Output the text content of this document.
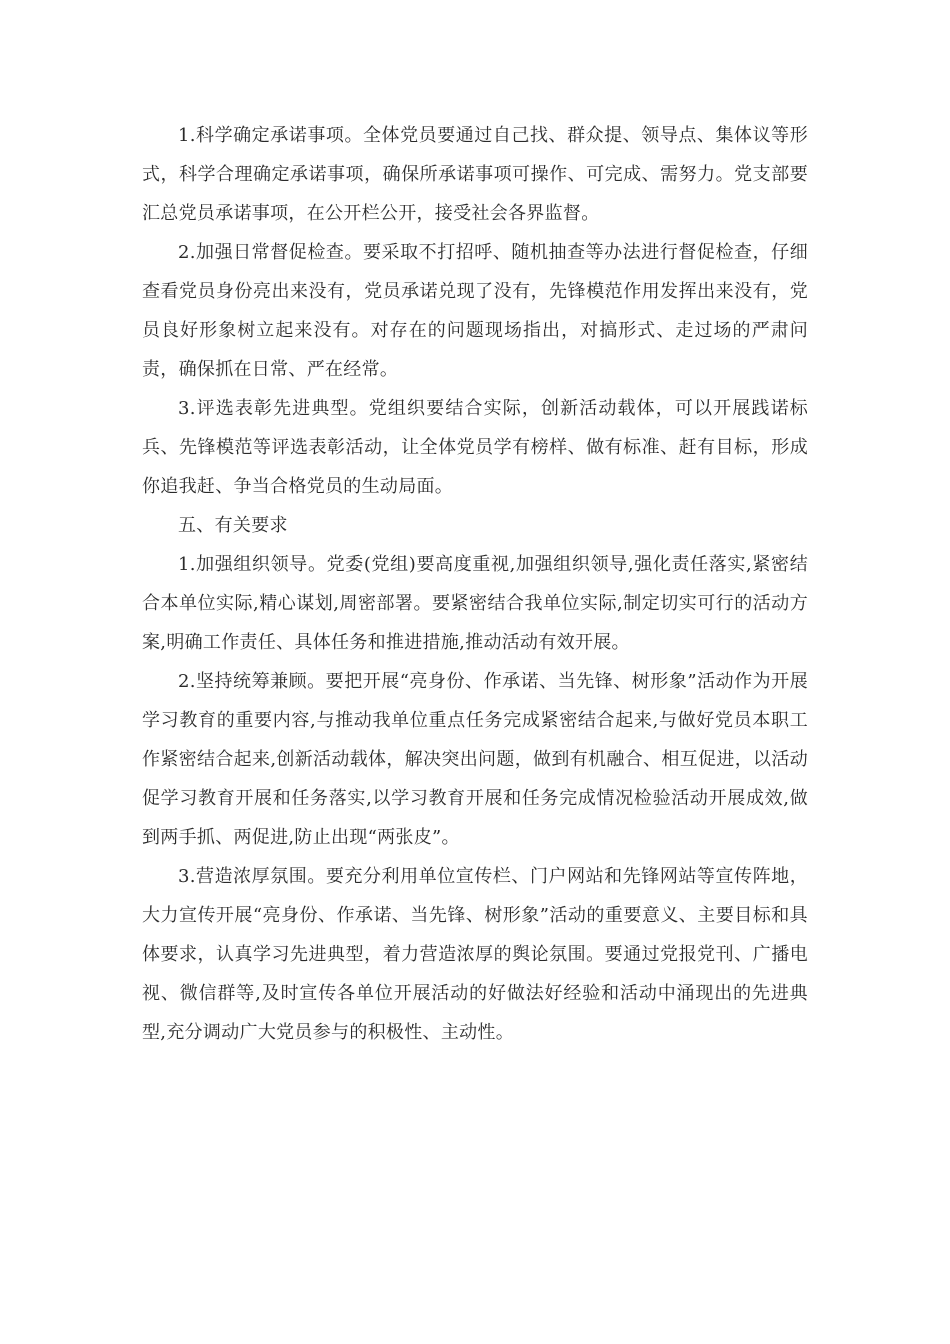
1.科学确定承诺事项。全体党员要通过自己找、群众提、领导点、集体议等形式，科学合理确定承诺事项，确保所承诺事项可操作、可完成、需努力。党支部要汇总党员承诺事项，在公开栏公开，接受社会各界监督。

2.加强日常督促检查。要采取不打招呼、随机抽查等办法进行督促检查，仔细查看党员身份亮出来没有，党员承诺兑现了没有，先锋模范作用发挥出来没有，党员良好形象树立起来没有。对存在的问题现场指出，对搞形式、走过场的严肃问责，确保抓在日常、严在经常。

3.评选表彰先进典型。党组织要结合实际，创新活动载体，可以开展践诺标兵、先锋模范等评选表彰活动，让全体党员学有榜样、做有标准、赶有目标，形成你追我赶、争当合格党员的生动局面。

五、有关要求

1.加强组织领导。党委(党组)要高度重视,加强组织领导,强化责任落实,紧密结合本单位实际,精心谋划,周密部署。要紧密结合我单位实际,制定切实可行的活动方案,明确工作责任、具体任务和推进措施,推动活动有效开展。

2.坚持统筹兼顾。要把开展“亮身份、作承诺、当先锋、树形象”活动作为开展学习教育的重要内容,与推动我单位重点任务完成紧密结合起来,与做好党员本职工作紧密结合起来,创新活动载体，解决突出问题，做到有机融合、相互促进，以活动促学习教育开展和任务落实,以学习教育开展和任务完成情况检验活动开展成效,做到两手抓、两促进,防止出现“两张皮”。

3.营造浓厚氛围。要充分利用单位宣传栏、门户网站和先锋网站等宣传阵地，大力宣传开展“亮身份、作承诺、当先锋、树形象”活动的重要意义、主要目标和具体要求，认真学习先进典型，着力营造浓厚的舆论氛围。要通过党报党刊、广播电视、微信群等,及时宣传各单位开展活动的好做法好经验和活动中涌现出的先进典型,充分调动广大党员参与的积极性、主动性。
